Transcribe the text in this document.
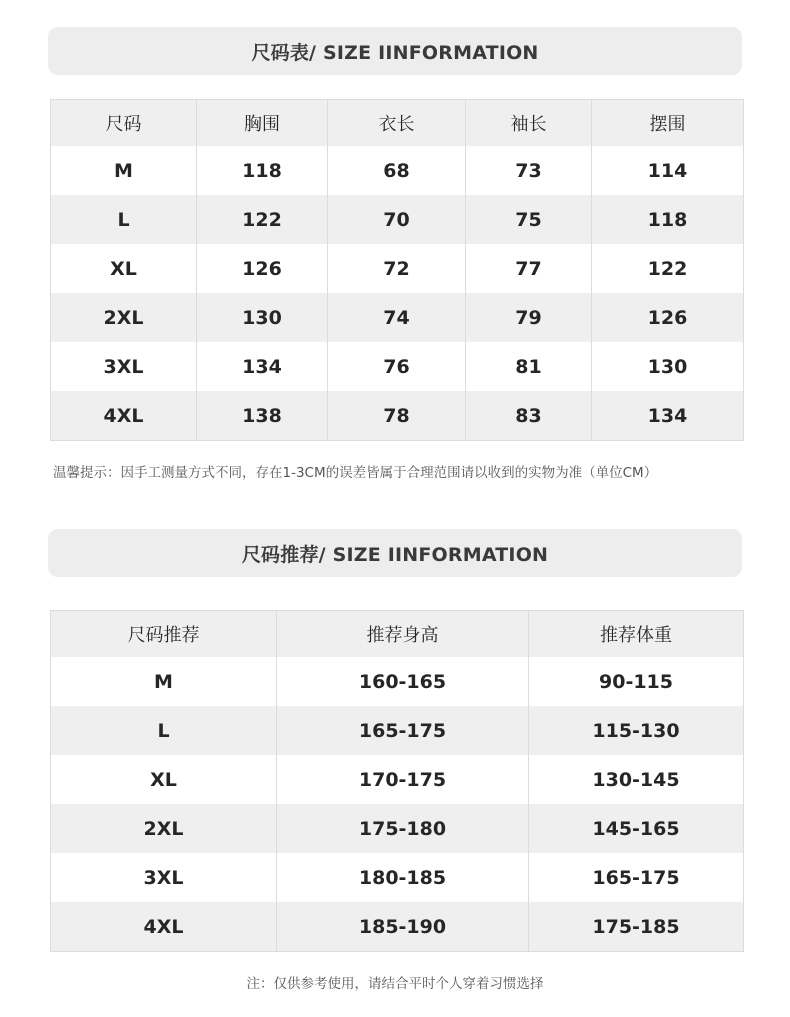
尺码表/ SIZE IINFORMATION
尺码	胸围	衣长	袖长	摆围
M	118	68	73	114
L	122	70	75	118
XL	126	72	77	122
2XL	130	74	79	126
3XL	134	76	81	130
4XL	138	78	83	134
温馨提示：因手工测量方式不同，存在1-3CM的误差皆属于合理范围请以收到的实物为准（单位CM）
尺码推荐/ SIZE IINFORMATION
尺码推荐	推荐身高	推荐体重
M	160-165	90-115
L	165-175	115-130
XL	170-175	130-145
2XL	175-180	145-165
3XL	180-185	165-175
4XL	185-190	175-185
注：仅供参考使用，请结合平时个人穿着习惯选择
